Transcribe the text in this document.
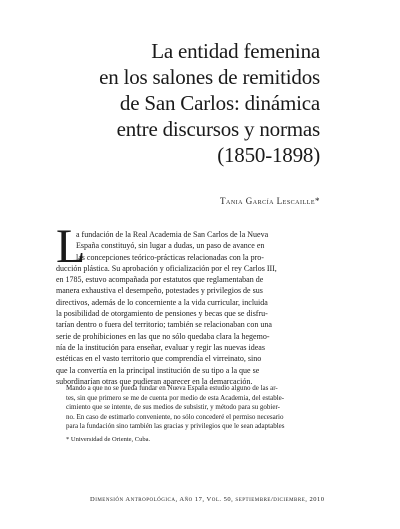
La entidad femenina
en los salones de remitidos
de San Carlos: dinámica
entre discursos y normas
(1850-1898)
Tania García Lescaille*
L
a fundación de la Real Academia de San Carlos de la Nueva
España constituyó, sin lugar a dudas, un paso de avance en
las concepciones teórico-prácticas relacionadas con la pro-
ducción plástica. Su aprobación y oficialización por el rey Carlos III,
en 1785, estuvo acompañada por estatutos que reglamentaban de
manera exhaustiva el desempeño, potestades y privilegios de sus
directivos, además de lo concerniente a la vida curricular, incluida
la posibilidad de otorgamiento de pensiones y becas que se disfru-
tarían dentro o fuera del territorio; también se relacionaban con una
serie de prohibiciones en las que no sólo quedaba clara la hegemo-
nía de la institución para enseñar, evaluar y regir las nuevas ideas
estéticas en el vasto territorio que comprendía el virreinato, sino
que la convertía en la principal institución de su tipo a la que se
subordinarían otras que pudieran aparecer en la demarcación.
Mando a que no se pueda fundar en Nueva España estudio alguno de las ar-
tes, sin que primero se me de cuenta por medio de esta Academia, del estable-
cimiento que se intente, de sus medios de subsistir, y método para su gobier-
no. En caso de estimarlo conveniente, no sólo concederé el permiso necesario
para la fundación sino también las gracias y privilegios que le sean adaptables
* Universidad de Oriente, Cuba.
Dimensión Antropológica, Año 17, Vol. 50, septiembre/diciembre, 2010
